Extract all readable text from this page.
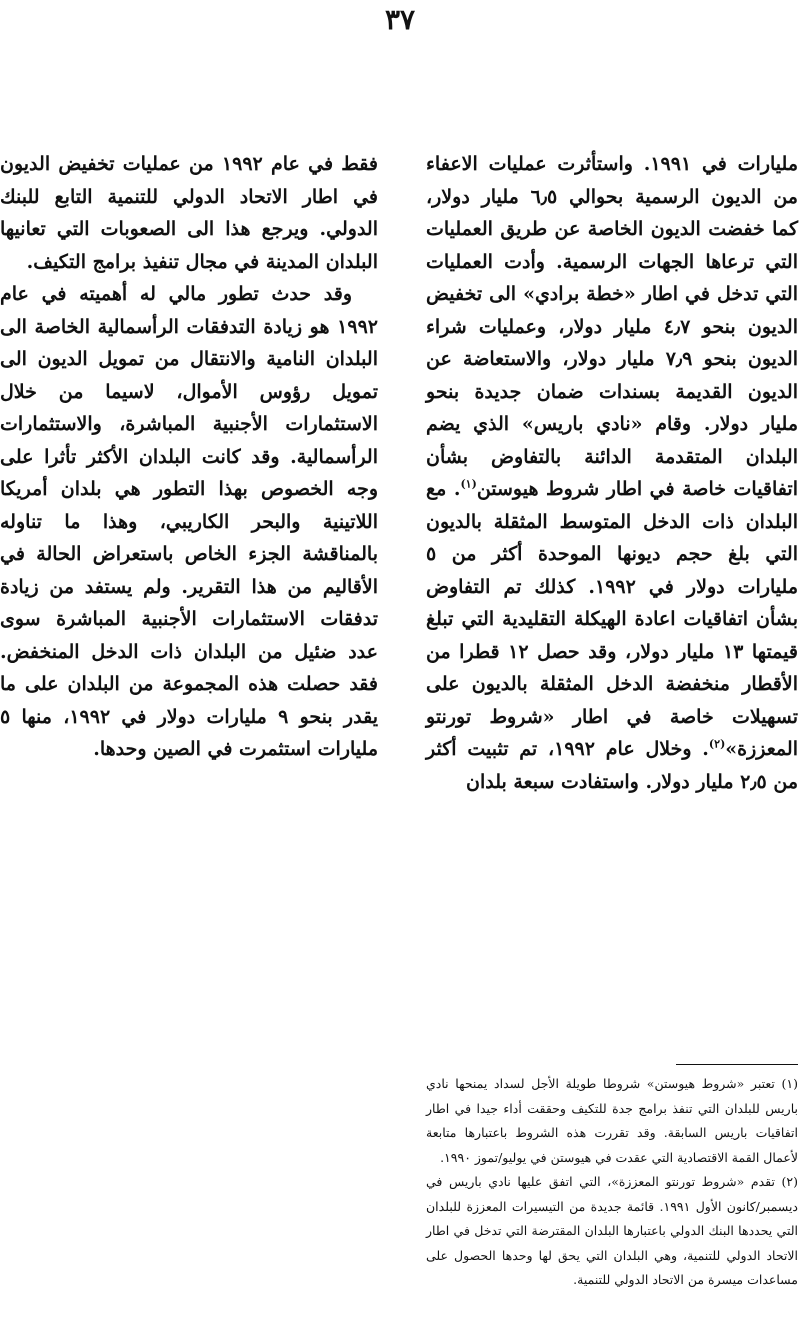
٣٧

مليارات في ١٩٩١. واستأثرت عمليات الاعفاء من الديون الرسمية بحوالي ٦٫٥ مليار دولار، كما خفضت الديون الخاصة عن طريق العمليات التي ترعاها الجهات الرسمية. وأدت العمليات التي تدخل في اطار «خطة برادي» الى تخفيض الديون بنحو ٤٫٧ مليار دولار، وعمليات شراء الديون بنحو ٧٫٩ مليار دولار، والاستعاضة عن الديون القديمة بسندات ضمان جديدة بنحو مليار دولار. وقام «نادي باريس» الذي يضم البلدان المتقدمة الدائنة بالتفاوض بشأن اتفاقيات خاصة في اطار شروط هيوستن$^{(١)}$. مع البلدان ذات الدخل المتوسط المثقلة بالديون التي بلغ حجم ديونها الموحدة أكثر من ٥ مليارات دولار في ١٩٩٢. كذلك تم التفاوض بشأن اتفاقيات اعادة الهيكلة التقليدية التي تبلغ قيمتها ١٣ مليار دولار، وقد حصل ١٢ قطرا من الأقطار منخفضة الدخل المثقلة بالديون على تسهيلات خاصة في اطار «شروط تورنتو المعززة»$^{(٢)}$. وخلال عام ١٩٩٢، تم تثبيت أكثر من ٢٫٥ مليار دولار. واستفادت سبعة بلدان

فقط في عام ١٩٩٢ من عمليات تخفيض الديون في اطار الاتحاد الدولي للتنمية التابع للبنك الدولي. ويرجع هذا الى الصعوبات التي تعانيها البلدان المدينة في مجال تنفيذ برامج التكيف.

وقد حدث تطور مالي له أهميته في عام ١٩٩٢ هو زيادة التدفقات الرأسمالية الخاصة الى البلدان النامية والانتقال من تمويل الديون الى تمويل رؤوس الأموال، لاسيما من خلال الاستثمارات الأجنبية المباشرة، والاستثمارات الرأسمالية. وقد كانت البلدان الأكثر تأثرا على وجه الخصوص بهذا التطور هي بلدان أمريكا اللاتينية والبحر الكاريبي، وهذا ما تناوله بالمناقشة الجزء الخاص باستعراض الحالة في الأقاليم من هذا التقرير. ولم يستفد من زيادة تدفقات الاستثمارات الأجنبية المباشرة سوى عدد ضئيل من البلدان ذات الدخل المنخفض. فقد حصلت هذه المجموعة من البلدان على ما يقدر بنحو ٩ مليارات دولار في ١٩٩٢، منها ٥ مليارات استثمرت في الصين وحدها.

(١) تعتبر «شروط هيوستن» شروطا طويلة الأجل لسداد يمنحها نادي باريس للبلدان التي تنفذ برامج جدة للتكيف وحققت أداء جيدا في اطار اتفاقيات باريس السابقة. وقد تقررت هذه الشروط باعتبارها متابعة لأعمال القمة الاقتصادية التي عقدت في هيوستن في يوليو/تموز ١٩٩٠.

(٢) تقدم «شروط تورنتو المعززة»، التي اتفق عليها نادي باريس في ديسمبر/كانون الأول ١٩٩١. قائمة جديدة من التيسيرات المعززة للبلدان التي يحددها البنك الدولي باعتبارها البلدان المقترضة التي تدخل في اطار الاتحاد الدولي للتنمية، وهي البلدان التي يحق لها وحدها الحصول على مساعدات ميسرة من الاتحاد الدولي للتنمية.
